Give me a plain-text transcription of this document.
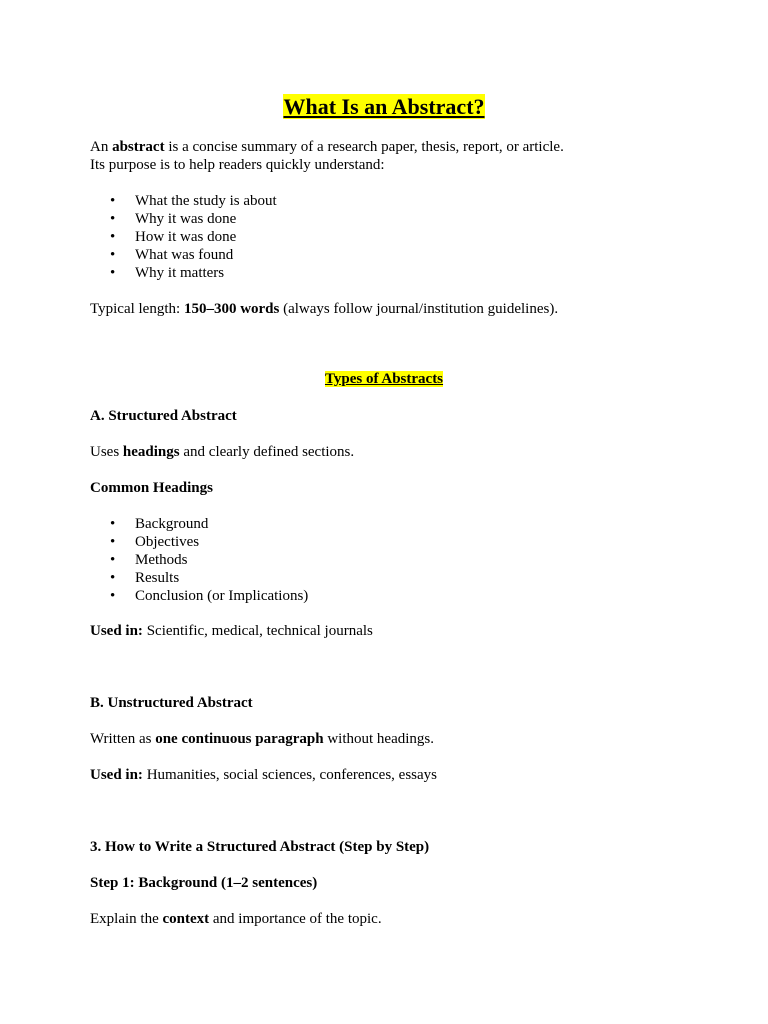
What Is an Abstract?
An abstract is a concise summary of a research paper, thesis, report, or article.
Its purpose is to help readers quickly understand:
• What the study is about
• Why it was done
• How it was done
• What was found
• Why it matters
Typical length: 150–300 words (always follow journal/institution guidelines).
Types of Abstracts
A. Structured Abstract
Uses headings and clearly defined sections.
Common Headings
• Background
• Objectives
• Methods
• Results
• Conclusion (or Implications)
Used in: Scientific, medical, technical journals
B. Unstructured Abstract
Written as one continuous paragraph without headings.
Used in: Humanities, social sciences, conferences, essays
3. How to Write a Structured Abstract (Step by Step)
Step 1: Background (1–2 sentences)
Explain the context and importance of the topic.
